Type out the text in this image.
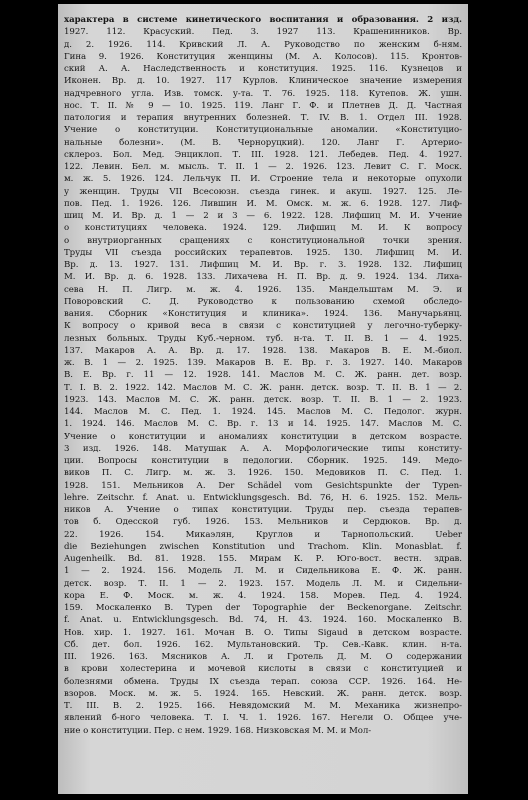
характера в системе кинетического воспитания и образования. 2 изд.
1927. 112. Красуский. Пед. 3. 1927 113. Крашенинников. Вр.
д. 2. 1926. 114. Кривский Л. А. Руководство по женским б-ням.
Гина 9. 1926. Конституция женщины (М. А. Колосов). 115. Кронтов-
ский А. А. Наследственность и конституция. 1925. 116. Кузнецов и
Иконен. Вр. д. 10. 1927. 117 Курлов. Клиническое значение измерения
надчревного угла. Изв. томск. у-та. Т. 76. 1925. 118. Кутепов. Ж. ушн.
нос. Т. II. № 9 — 10. 1925. 119. Ланг Г. Ф. и Плетнев Д. Д. Частная
патология и терапия внутренних болезней. Т. IV. В. 1. Отдел III. 1928.
Учение о конституции. Конституциональные аномалии. «Конституцио-
нальные болезни». (М. В. Черноруцкий). 120. Ланг Г. Артерио-
склероз. Бол. Мед. Энциклоп. Т. III. 1928. 121. Лебедев. Пед. 4. 1927.
122. Левин. Бел. м. мысль. Т. II. 1 — 2. 1926. 123. Левит С. Г. Моск.
м. ж. 5. 1926. 124. Лельчук П. И. Строение тела и некоторые опухоли
у женщин. Труды VII Всесоюзн. съезда гинек. и акуш. 1927. 125. Ле-
пов. Пед. 1. 1926. 126. Лившин И. М. Омск. м. ж. 6. 1928. 127. Лиф-
шиц М. И. Вр. д. 1 — 2 и 3 — 6. 1922. 128. Лифшиц М. И. Учение
о конституциях человека. 1924. 129. Лифшиц М. И. К вопросу
о внутриорганных сращениях с конституциональной точки зрения.
Труды VII съезда российских терапевтов. 1925. 130. Лифшиц М. И.
Вр. д. 13. 1927. 131. Лифшиц М. И. Вр. г. 3. 1928. 132. Лифшиц
М. И. Вр. д. 6. 1928. 133. Лихачева Н. П. Вр. д. 9. 1924. 134. Лиха-
сева Н. П. Лигр. м. ж. 4. 1926. 135. Мандельштам М. Э. и
Поворовский С. Д. Руководство к пользованию схемой обследо-
вания. Сборник «Конституция и клиника». 1924. 136. Манучарьянц.
К вопросу о кривой веса в связи с конституцией у легочно-туберку-
лезных больных. Труды Куб.-черном. туб. н-та. Т. II. В. 1 — 4. 1925.
137. Макаров А. А. Вр. д. 17. 1928. 138. Макаров В. Е. М.-биол.
ж. В. 1 — 2. 1925. 139. Макаров В. Е. Вр. г. 3. 1927. 140. Макаров
В. Е. Вр. г. 11 — 12. 1928. 141. Маслов М. С. Ж. ранн. дет. возр.
Т. I. В. 2. 1922. 142. Маслов М. С. Ж. ранн. детск. возр. Т. II. В. 1 — 2.
1923. 143. Маслов М. С. Ж. ранн. детск. возр. Т. II. В. 1 — 2. 1923.
144. Маслов М. С. Пед. 1. 1924. 145. Маслов М. С. Педолог. журн.
1. 1924. 146. Маслов М. С. Вр. г. 13 и 14. 1925. 147. Маслов М. С.
Учение о конституции и аномалиях конституции в детском возрасте.
3 изд. 1926. 148. Матушак А. А. Морфологические типы конститу-
ции. Вопросы конституции в педологии. Сборник. 1925. 149. Медо-
виков П. С. Лигр. м. ж. 3. 1926. 150. Медовиков П. С. Пед. 1.
1928. 151. Мельников А. Der Schädel vom Gesichtspunkte der Typen-
lehre. Zeitschr. f. Anat. u. Entwicklungsgesch. Bd. 76, H. 6. 1925. 152. Мель-
ников А. Учение о типах конституции. Труды пер. съезда терапев-
тов б. Одесской губ. 1926. 153. Мельников и Сердюков. Вр. д.
22. 1926. 154. Микаэлян, Круглов и Тарнопольский. Ueber
die Beziehungen zwischen Konstitution und Trachom. Klin. Monasblat. f.
Augenheilk. Bd. 81. 1928. 155. Мирам К. Р. Юго-вост. вестн. здрав.
1 — 2. 1924. 156. Модель Л. М. и Сидельникова Е. Ф. Ж. ранн.
детск. возр. Т. II. 1 — 2. 1923. 157. Модель Л. М. и Сидельни-
кора Е. Ф. Моск. м. ж. 4. 1924. 158. Морев. Пед. 4. 1924.
159. Москаленко В. Typen der Topographie der Beckenorgane. Zeitschr.
f. Anat. u. Entwicklungsgesch. Bd. 74, H. 43. 1924. 160. Москаленко В.
Нов. хир. 1. 1927. 161. Мочан В. О. Типы Sigaud в детском возрасте.
Сб. дет. бол. 1926. 162. Мультановский. Тр. Сев.-Кавк. клин. н-та.
III. 1926. 163. Мясников А. Л. и Гротель Д. М. О содержании
в крови холестерина и мочевой кислоты в связи с конституцией и
болезнями обмена. Труды IX съезда терап. союза ССР. 1926. 164. Не-
взоров. Моск. м. ж. 5. 1924. 165. Невский. Ж. ранн. детск. возр.
Т. III. В. 2. 1925. 166. Невядомский М. М. Механика жизнепро-
явлений б-ного человека. Т. I. Ч. 1. 1926. 167. Негели О. Общее уче-
ние о конституции. Пер. с нем. 1929. 168. Низковская М. М. и Мол-
